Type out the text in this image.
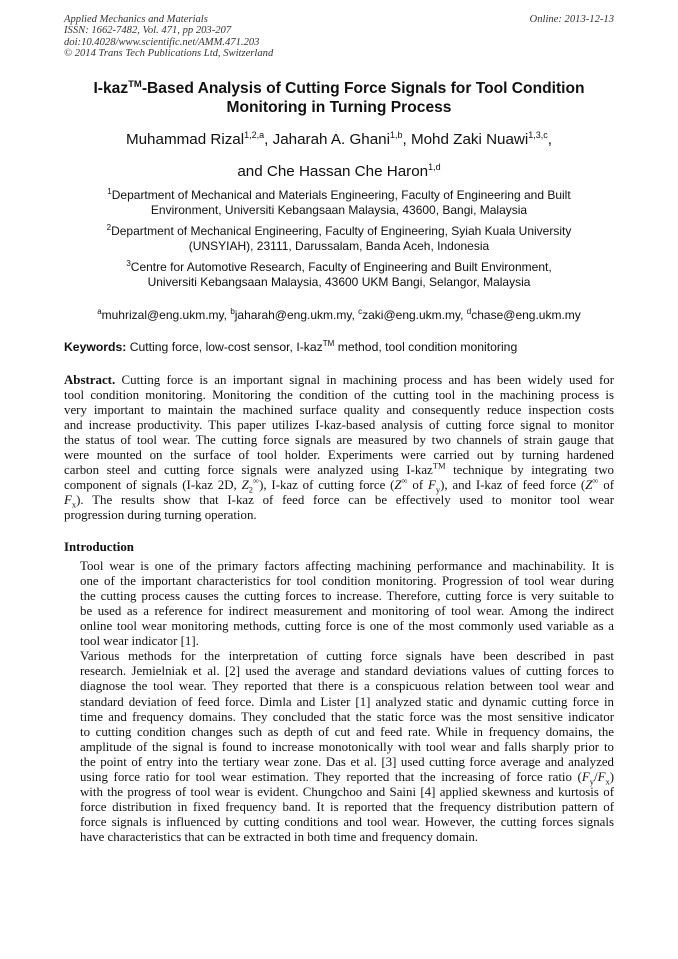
Applied Mechanics and Materials
ISSN: 1662-7482, Vol. 471, pp 203-207
doi:10.4028/www.scientific.net/AMM.471.203
© 2014 Trans Tech Publications Ltd, Switzerland
Online: 2013-12-13
I-kaz™-Based Analysis of Cutting Force Signals for Tool Condition
Monitoring in Turning Process
Muhammad Rizal$^{1,2,a}$, Jaharah A. Ghani$^{1,b}$, Mohd Zaki Nuawi$^{1,3,c}$,
and Che Hassan Che Haron$^{1,d}$
$^1$Department of Mechanical and Materials Engineering, Faculty of Engineering and Built
Environment, Universiti Kebangsaan Malaysia, 43600, Bangi, Malaysia
$^2$Department of Mechanical Engineering, Faculty of Engineering, Syiah Kuala University
(UNSYIAH), 23111, Darussalam, Banda Aceh, Indonesia
$^3$Centre for Automotive Research, Faculty of Engineering and Built Environment,
Universiti Kebangsaan Malaysia, 43600 UKM Bangi, Selangor, Malaysia
$^a$muhrizal@eng.ukm.my, $^b$jaharah@eng.ukm.my, $^c$zaki@eng.ukm.my, $^d$chase@eng.ukm.my
Keywords: Cutting force, low-cost sensor, I-kaz™ method, tool condition monitoring
Abstract. Cutting force is an important signal in machining process and has been widely used for
tool condition monitoring. Monitoring the condition of the cutting tool in the machining process is
very important to maintain the machined surface quality and consequently reduce inspection costs
and increase productivity. This paper utilizes I-kaz-based analysis of cutting force signal to monitor
the status of tool wear. The cutting force signals are measured by two channels of strain gauge that
were mounted on the surface of tool holder. Experiments were carried out by turning hardened
carbon steel and cutting force signals were analyzed using I-kaz™ technique by integrating two
component of signals (I-kaz 2D, $Z_2^\infty$), I-kaz of cutting force (Z∞ of $F_y$), and I-kaz of feed force (Z∞ of
$F_x$). The results show that I-kaz of feed force can be effectively used to monitor tool wear
progression during turning operation.
Introduction

Tool wear is one of the primary factors affecting machining performance and machinability. It is
one of the important characteristics for tool condition monitoring. Progression of tool wear during
the cutting process causes the cutting forces to increase. Therefore, cutting force is very suitable to
be used as a reference for indirect measurement and monitoring of tool wear. Among the indirect
online tool wear monitoring methods, cutting force is one of the most commonly used variable as a
tool wear indicator [1].

Various methods for the interpretation of cutting force signals have been described in past
research. Jemielniak et al. [2] used the average and standard deviations values of cutting forces to
diagnose the tool wear. They reported that there is a conspicuous relation between tool wear and
standard deviation of feed force. Dimla and Lister [1] analyzed static and dynamic cutting force in
time and frequency domains. They concluded that the static force was the most sensitive indicator
to cutting condition changes such as depth of cut and feed rate. While in frequency domains, the
amplitude of the signal is found to increase monotonically with tool wear and falls sharply prior to
the point of entry into the tertiary wear zone. Das et al. [3] used cutting force average and analyzed
using force ratio for tool wear estimation. They reported that the increasing of force ratio $(F_y/F_x)$
with the progress of tool wear is evident. Chungchoo and Saini [4] applied skewness and kurtosis of
force distribution in fixed frequency band. It is reported that the frequency distribution pattern of
force signals is influenced by cutting conditions and tool wear. However, the cutting forces signals
have characteristics that can be extracted in both time and frequency domain.
